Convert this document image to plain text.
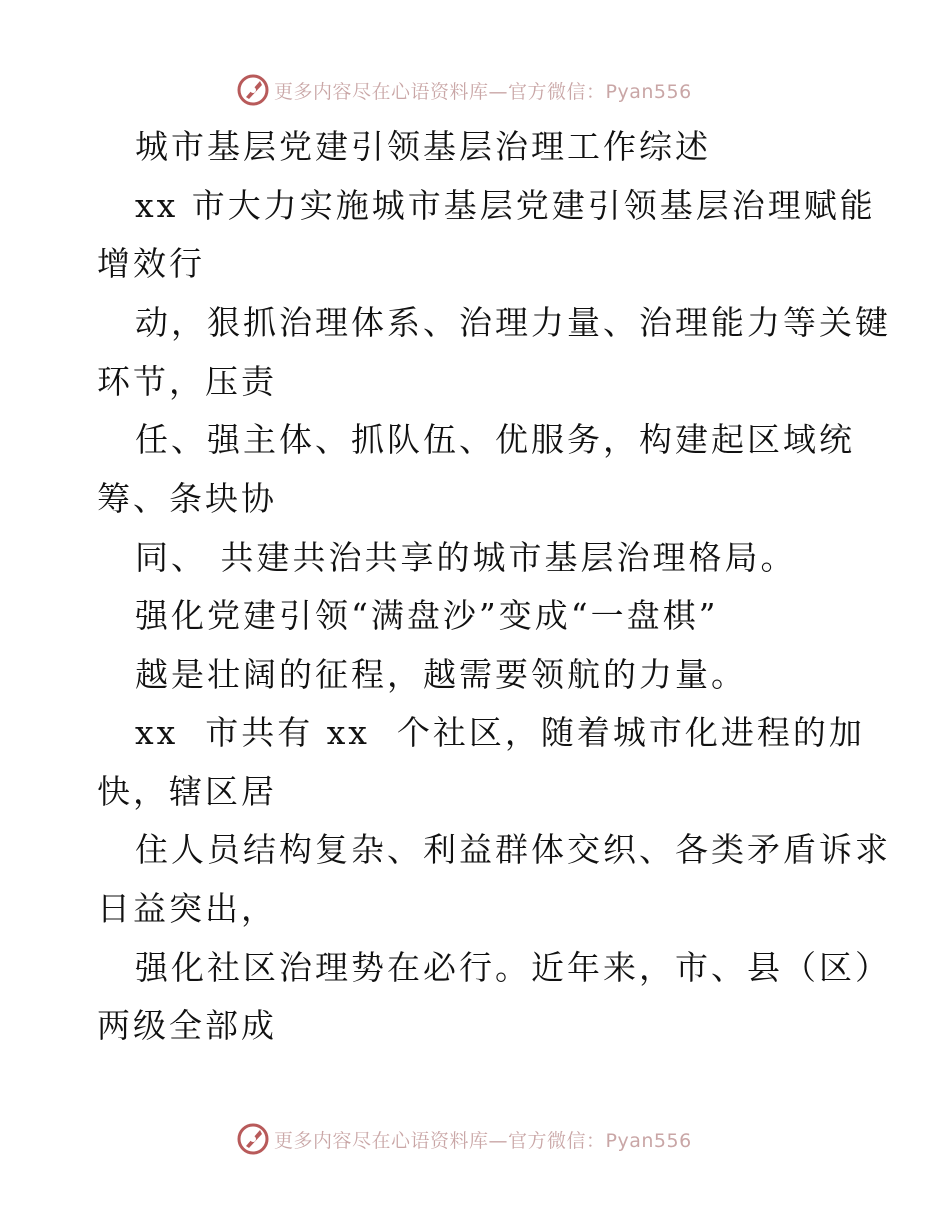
更多内容尽在心语资料库—官方微信：Pyan556
城市基层党建引领基层治理工作综述
xx 市大力实施城市基层党建引领基层治理赋能
增效行
动，狠抓治理体系、治理力量、治理能力等关键
环节，压责
任、强主体、抓队伍、优服务，构建起区域统
筹、条块协
同、 共建共治共享的城市基层治理格局。
强化党建引领“满盘沙”变成“一盘棋”
越是壮阔的征程，越需要领航的力量。
xx  市共有 xx  个社区，随着城市化进程的加
快，辖区居
住人员结构复杂、利益群体交织、各类矛盾诉求
日益突出，
强化社区治理势在必行。近年来，市、县（区）
两级全部成
更多内容尽在心语资料库—官方微信：Pyan556
